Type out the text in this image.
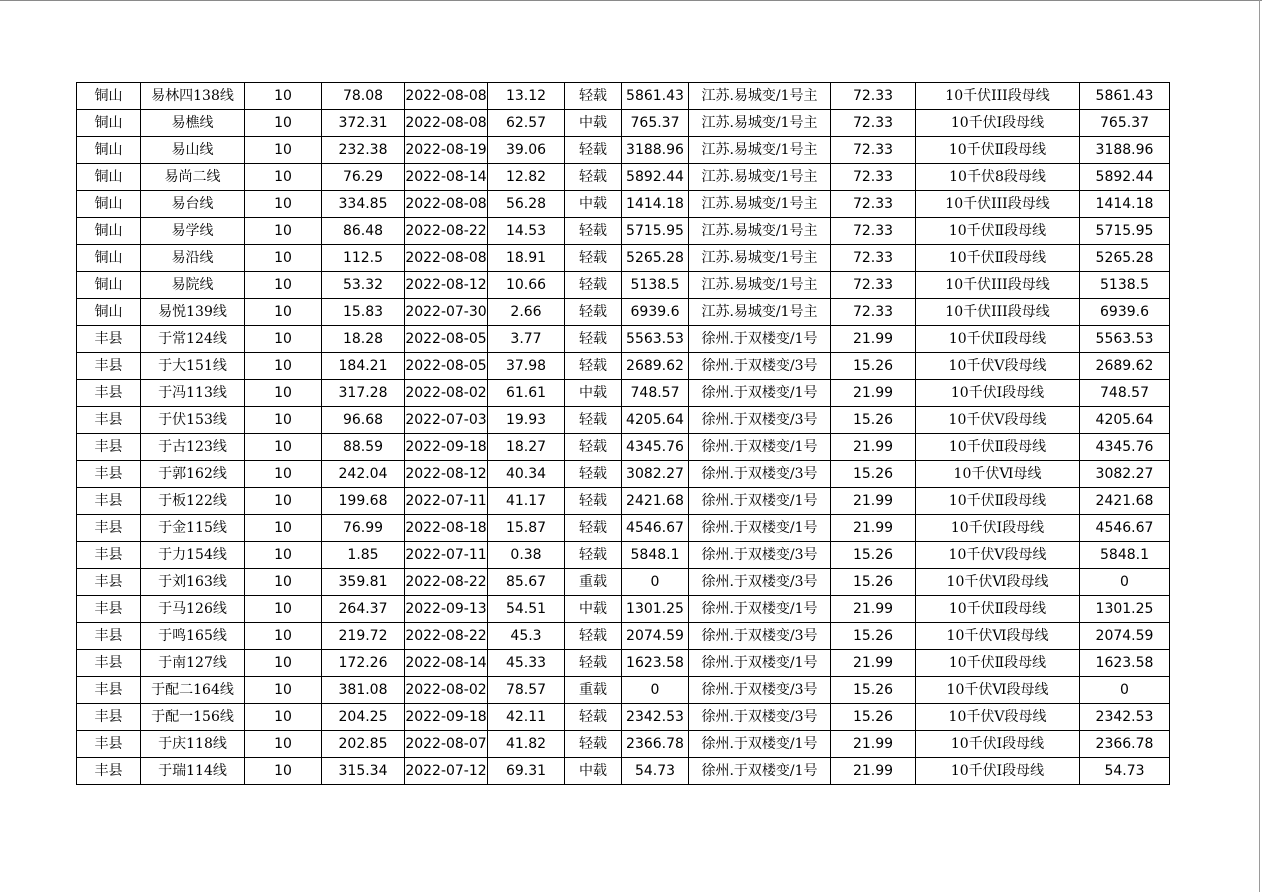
铜山	易林四138线	10	78.08	2022-08-08	13.12	轻载	5861.43	江苏.易城变/1号主	72.33	10千伏III段母线	5861.43
铜山	易樵线	10	372.31	2022-08-08	62.57	中载	765.37	江苏.易城变/1号主	72.33	10千伏Ⅰ段母线	765.37
铜山	易山线	10	232.38	2022-08-19	39.06	轻载	3188.96	江苏.易城变/1号主	72.33	10千伏Ⅱ段母线	3188.96
铜山	易尚二线	10	76.29	2022-08-14	12.82	轻载	5892.44	江苏.易城变/1号主	72.33	10千伏8段母线	5892.44
铜山	易台线	10	334.85	2022-08-08	56.28	中载	1414.18	江苏.易城变/1号主	72.33	10千伏III段母线	1414.18
铜山	易学线	10	86.48	2022-08-22	14.53	轻载	5715.95	江苏.易城变/1号主	72.33	10千伏Ⅱ段母线	5715.95
铜山	易沿线	10	112.5	2022-08-08	18.91	轻载	5265.28	江苏.易城变/1号主	72.33	10千伏Ⅱ段母线	5265.28
铜山	易院线	10	53.32	2022-08-12	10.66	轻载	5138.5	江苏.易城变/1号主	72.33	10千伏III段母线	5138.5
铜山	易悦139线	10	15.83	2022-07-30	2.66	轻载	6939.6	江苏.易城变/1号主	72.33	10千伏III段母线	6939.6
丰县	于常124线	10	18.28	2022-08-05	3.77	轻载	5563.53	徐州.于双楼变/1号	21.99	10千伏Ⅱ段母线	5563.53
丰县	于大151线	10	184.21	2022-08-05	37.98	轻载	2689.62	徐州.于双楼变/3号	15.26	10千伏Ⅴ段母线	2689.62
丰县	于冯113线	10	317.28	2022-08-02	61.61	中载	748.57	徐州.于双楼变/1号	21.99	10千伏Ⅰ段母线	748.57
丰县	于伏153线	10	96.68	2022-07-03	19.93	轻载	4205.64	徐州.于双楼变/3号	15.26	10千伏Ⅴ段母线	4205.64
丰县	于古123线	10	88.59	2022-09-18	18.27	轻载	4345.76	徐州.于双楼变/1号	21.99	10千伏Ⅱ段母线	4345.76
丰县	于郭162线	10	242.04	2022-08-12	40.34	轻载	3082.27	徐州.于双楼变/3号	15.26	10千伏Ⅵ母线	3082.27
丰县	于板122线	10	199.68	2022-07-11	41.17	轻载	2421.68	徐州.于双楼变/1号	21.99	10千伏Ⅱ段母线	2421.68
丰县	于金115线	10	76.99	2022-08-18	15.87	轻载	4546.67	徐州.于双楼变/1号	21.99	10千伏Ⅰ段母线	4546.67
丰县	于力154线	10	1.85	2022-07-11	0.38	轻载	5848.1	徐州.于双楼变/3号	15.26	10千伏Ⅴ段母线	5848.1
丰县	于刘163线	10	359.81	2022-08-22	85.67	重载	0	徐州.于双楼变/3号	15.26	10千伏Ⅵ段母线	0
丰县	于马126线	10	264.37	2022-09-13	54.51	中载	1301.25	徐州.于双楼变/1号	21.99	10千伏Ⅱ段母线	1301.25
丰县	于鸣165线	10	219.72	2022-08-22	45.3	轻载	2074.59	徐州.于双楼变/3号	15.26	10千伏Ⅵ段母线	2074.59
丰县	于南127线	10	172.26	2022-08-14	45.33	轻载	1623.58	徐州.于双楼变/1号	21.99	10千伏Ⅱ段母线	1623.58
丰县	于配二164线	10	381.08	2022-08-02	78.57	重载	0	徐州.于双楼变/3号	15.26	10千伏Ⅵ段母线	0
丰县	于配一156线	10	204.25	2022-09-18	42.11	轻载	2342.53	徐州.于双楼变/3号	15.26	10千伏Ⅴ段母线	2342.53
丰县	于庆118线	10	202.85	2022-08-07	41.82	轻载	2366.78	徐州.于双楼变/1号	21.99	10千伏Ⅰ段母线	2366.78
丰县	于瑞114线	10	315.34	2022-07-12	69.31	中载	54.73	徐州.于双楼变/1号	21.99	10千伏Ⅰ段母线	54.73
